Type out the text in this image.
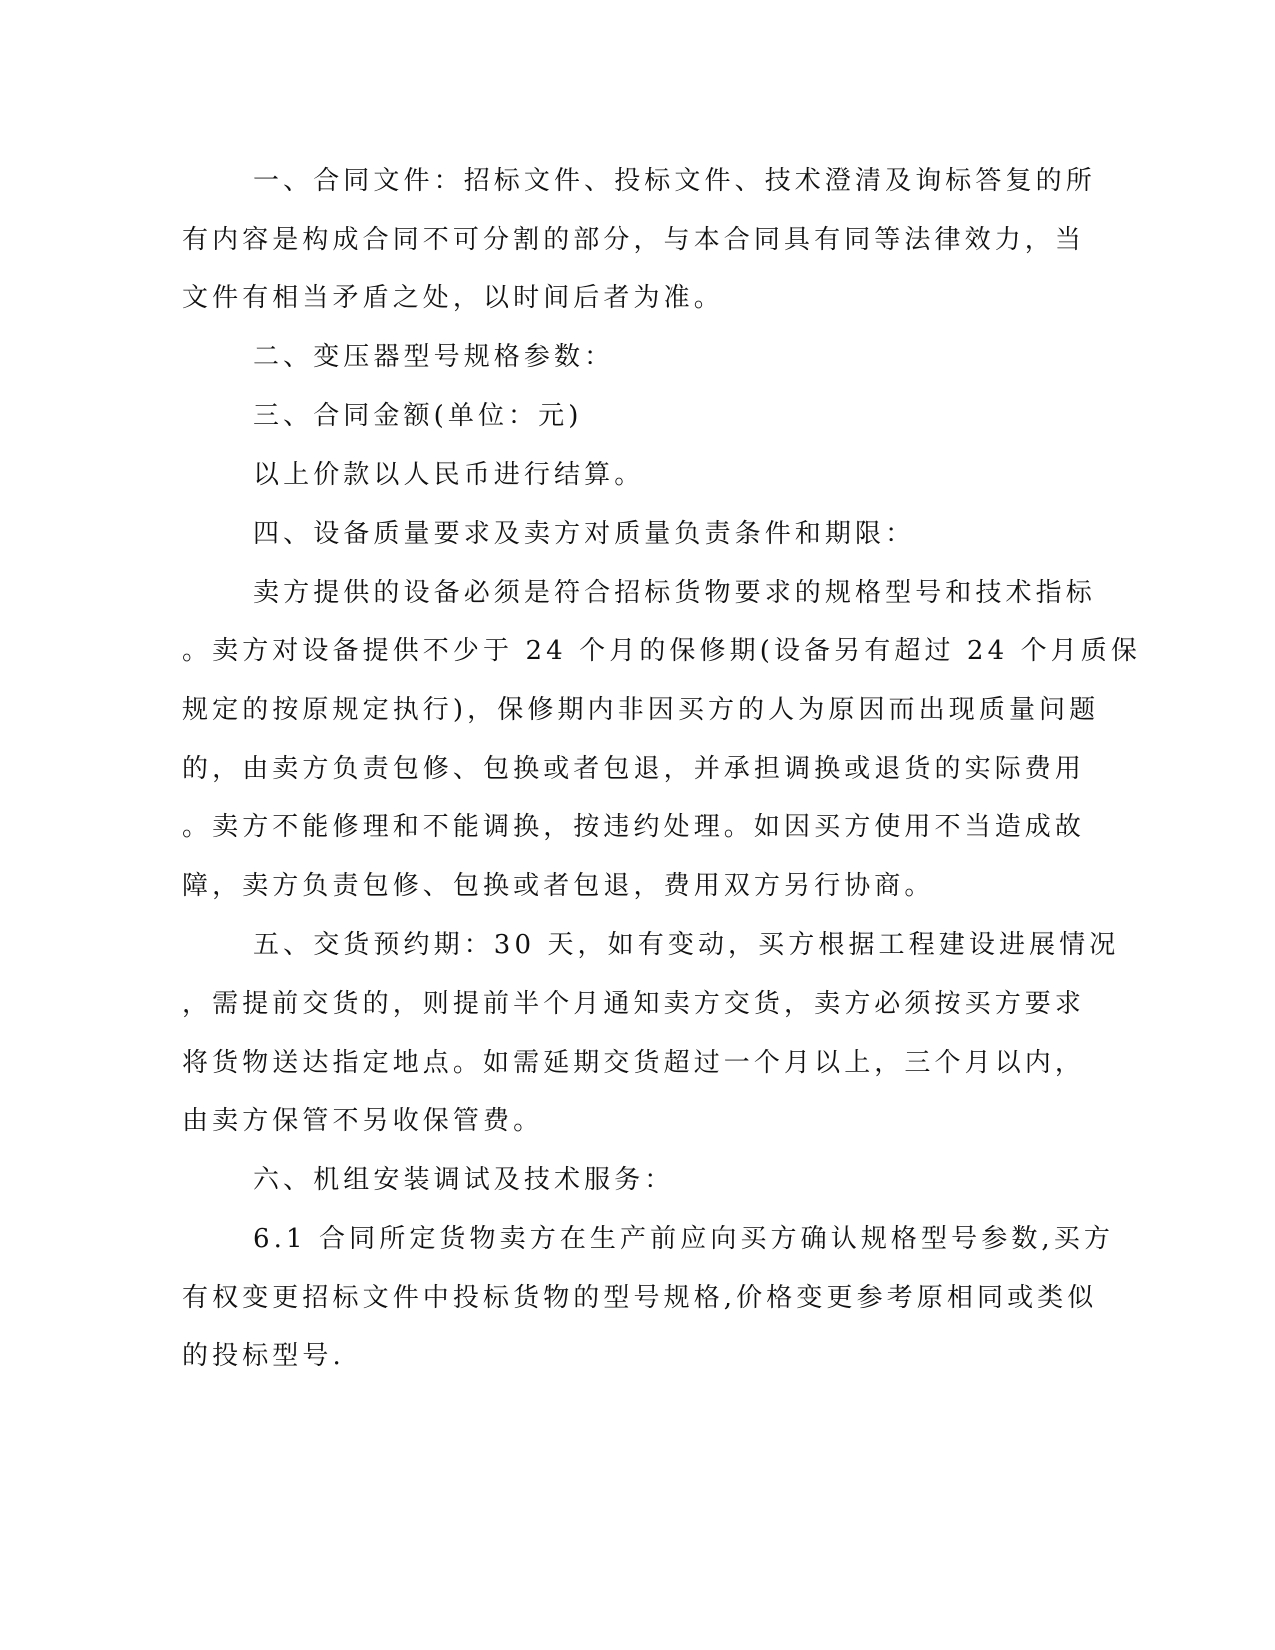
一、合同文件：招标文件、投标文件、技术澄清及询标答复的所
有内容是构成合同不可分割的部分，与本合同具有同等法律效力，当
文件有相当矛盾之处，以时间后者为准。
二、变压器型号规格参数：
三、合同金额(单位：元)
以上价款以人民币进行结算。
四、设备质量要求及卖方对质量负责条件和期限：
卖方提供的设备必须是符合招标货物要求的规格型号和技术指标
。卖方对设备提供不少于 24 个月的保修期(设备另有超过 24 个月质保
规定的按原规定执行)，保修期内非因买方的人为原因而出现质量问题
的，由卖方负责包修、包换或者包退，并承担调换或退货的实际费用
。卖方不能修理和不能调换，按违约处理。如因买方使用不当造成故
障，卖方负责包修、包换或者包退，费用双方另行协商。
五、交货预约期：30 天，如有变动，买方根据工程建设进展情况
，需提前交货的，则提前半个月通知卖方交货，卖方必须按买方要求
将货物送达指定地点。如需延期交货超过一个月以上，三个月以内，
由卖方保管不另收保管费。
六、机组安装调试及技术服务：
6.1 合同所定货物卖方在生产前应向买方确认规格型号参数,买方
有权变更招标文件中投标货物的型号规格,价格变更参考原相同或类似
的投标型号.
